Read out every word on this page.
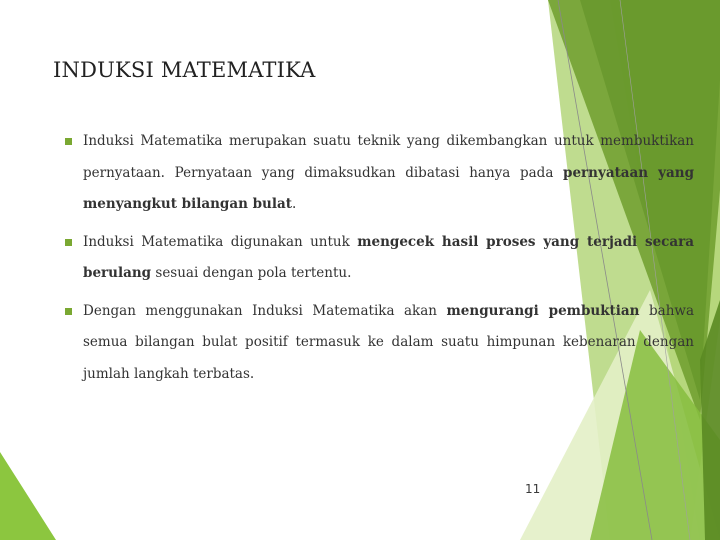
INDUKSI MATEMATIKA
Induksi Matematika merupakan suatu teknik yang dikembangkan untuk membuktikan pernyataan. Pernyataan yang dimaksudkan dibatasi hanya pada pernyataan yang menyangkut bilangan bulat.
Induksi Matematika digunakan untuk mengecek hasil proses yang terjadi secara berulang sesuai dengan pola tertentu.
Dengan menggunakan Induksi Matematika akan mengurangi pembuktian bahwa semua bilangan bulat positif termasuk ke dalam suatu himpunan kebenaran dengan jumlah langkah terbatas.
11
